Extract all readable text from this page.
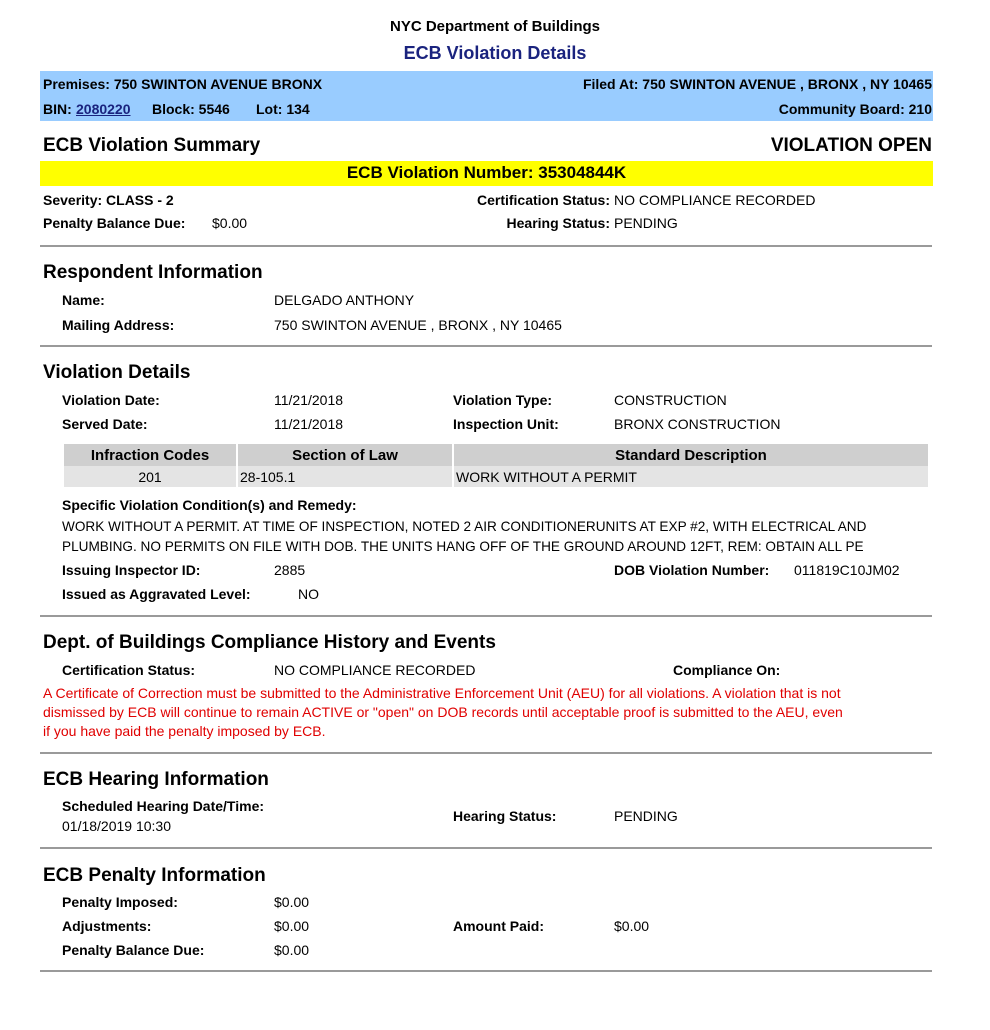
NYC Department of Buildings
ECB Violation Details
Premises: 750 SWINTON AVENUE BRONX	Filed At: 750 SWINTON AVENUE , BRONX , NY 10465
BIN: 2080220 Block: 5546 Lot: 134	Community Board: 210
ECB Violation Summary	VIOLATION OPEN
ECB Violation Number: 35304844K
Severity: CLASS - 2
Penalty Balance Due: $0.00
Certification Status: NO COMPLIANCE RECORDED
Hearing Status: PENDING
Respondent Information
Name:	DELGADO ANTHONY
Mailing Address:	750 SWINTON AVENUE , BRONX , NY 10465
Violation Details
Violation Date:	11/21/2018
Served Date:	11/21/2018
Violation Type:	CONSTRUCTION
Inspection Unit:	BRONX CONSTRUCTION
Infraction Codes	Section of Law	Standard Description
201	28-105.1	WORK WITHOUT A PERMIT
Specific Violation Condition(s) and Remedy:
WORK WITHOUT A PERMIT. AT TIME OF INSPECTION, NOTED 2 AIR CONDITIONERUNITS AT EXP #2, WITH ELECTRICAL AND
PLUMBING. NO PERMITS ON FILE WITH DOB. THE UNITS HANG OFF OF THE GROUND AROUND 12FT, REM: OBTAIN ALL PE
Issuing Inspector ID:	2885	DOB Violation Number: 011819C10JM02
Issued as Aggravated Level:	NO
Dept. of Buildings Compliance History and Events
Certification Status:	NO COMPLIANCE RECORDED	Compliance On:
A Certificate of Correction must be submitted to the Administrative Enforcement Unit (AEU) for all violations. A violation that is not
dismissed by ECB will continue to remain ACTIVE or "open" on DOB records until acceptable proof is submitted to the AEU, even
if you have paid the penalty imposed by ECB.
ECB Hearing Information
Scheduled Hearing Date/Time:
01/18/2019 10:30
Hearing Status:	PENDING
ECB Penalty Information
Penalty Imposed:	$0.00
Adjustments:	$0.00
Penalty Balance Due:	$0.00
Amount Paid:	$0.00
